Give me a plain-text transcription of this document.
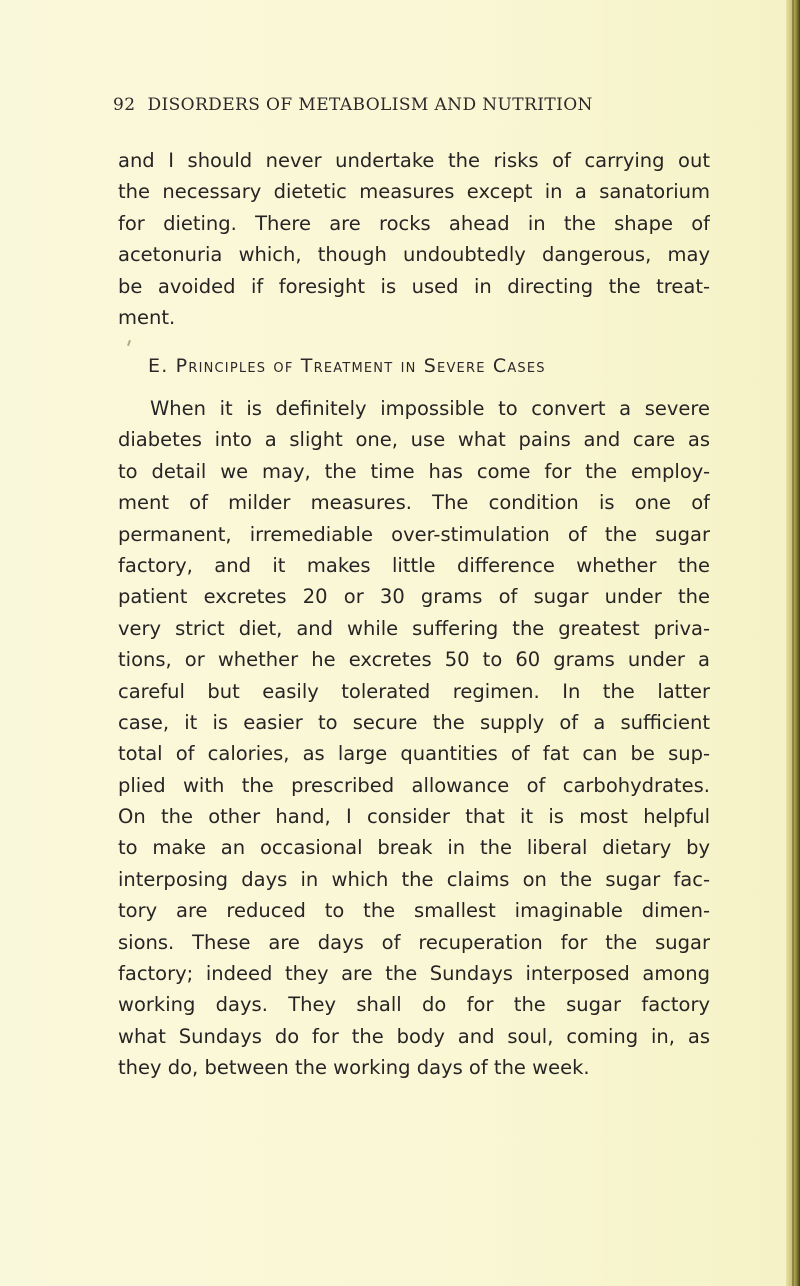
92 DISORDERS OF METABOLISM AND NUTRITION
and I should never undertake the risks of carrying out
the necessary dietetic measures except in a sanatorium
for dieting. There are rocks ahead in the shape of
acetonuria which, though undoubtedly dangerous, may
be avoided if foresight is used in directing the treat-
ment.
E. Principles of Treatment in Severe Cases
When it is definitely impossible to convert a severe
diabetes into a slight one, use what pains and care as
to detail we may, the time has come for the employ-
ment of milder measures. The condition is one of
permanent, irremediable over-stimulation of the sugar
factory, and it makes little difference whether the
patient excretes 20 or 30 grams of sugar under the
very strict diet, and while suffering the greatest priva-
tions, or whether he excretes 50 to 60 grams under a
careful but easily tolerated regimen. In the latter
case, it is easier to secure the supply of a sufficient
total of calories, as large quantities of fat can be sup-
plied with the prescribed allowance of carbohydrates.
On the other hand, I consider that it is most helpful
to make an occasional break in the liberal dietary by
interposing days in which the claims on the sugar fac-
tory are reduced to the smallest imaginable dimen-
sions. These are days of recuperation for the sugar
factory; indeed they are the Sundays interposed among
working days. They shall do for the sugar factory
what Sundays do for the body and soul, coming in, as
they do, between the working days of the week.
